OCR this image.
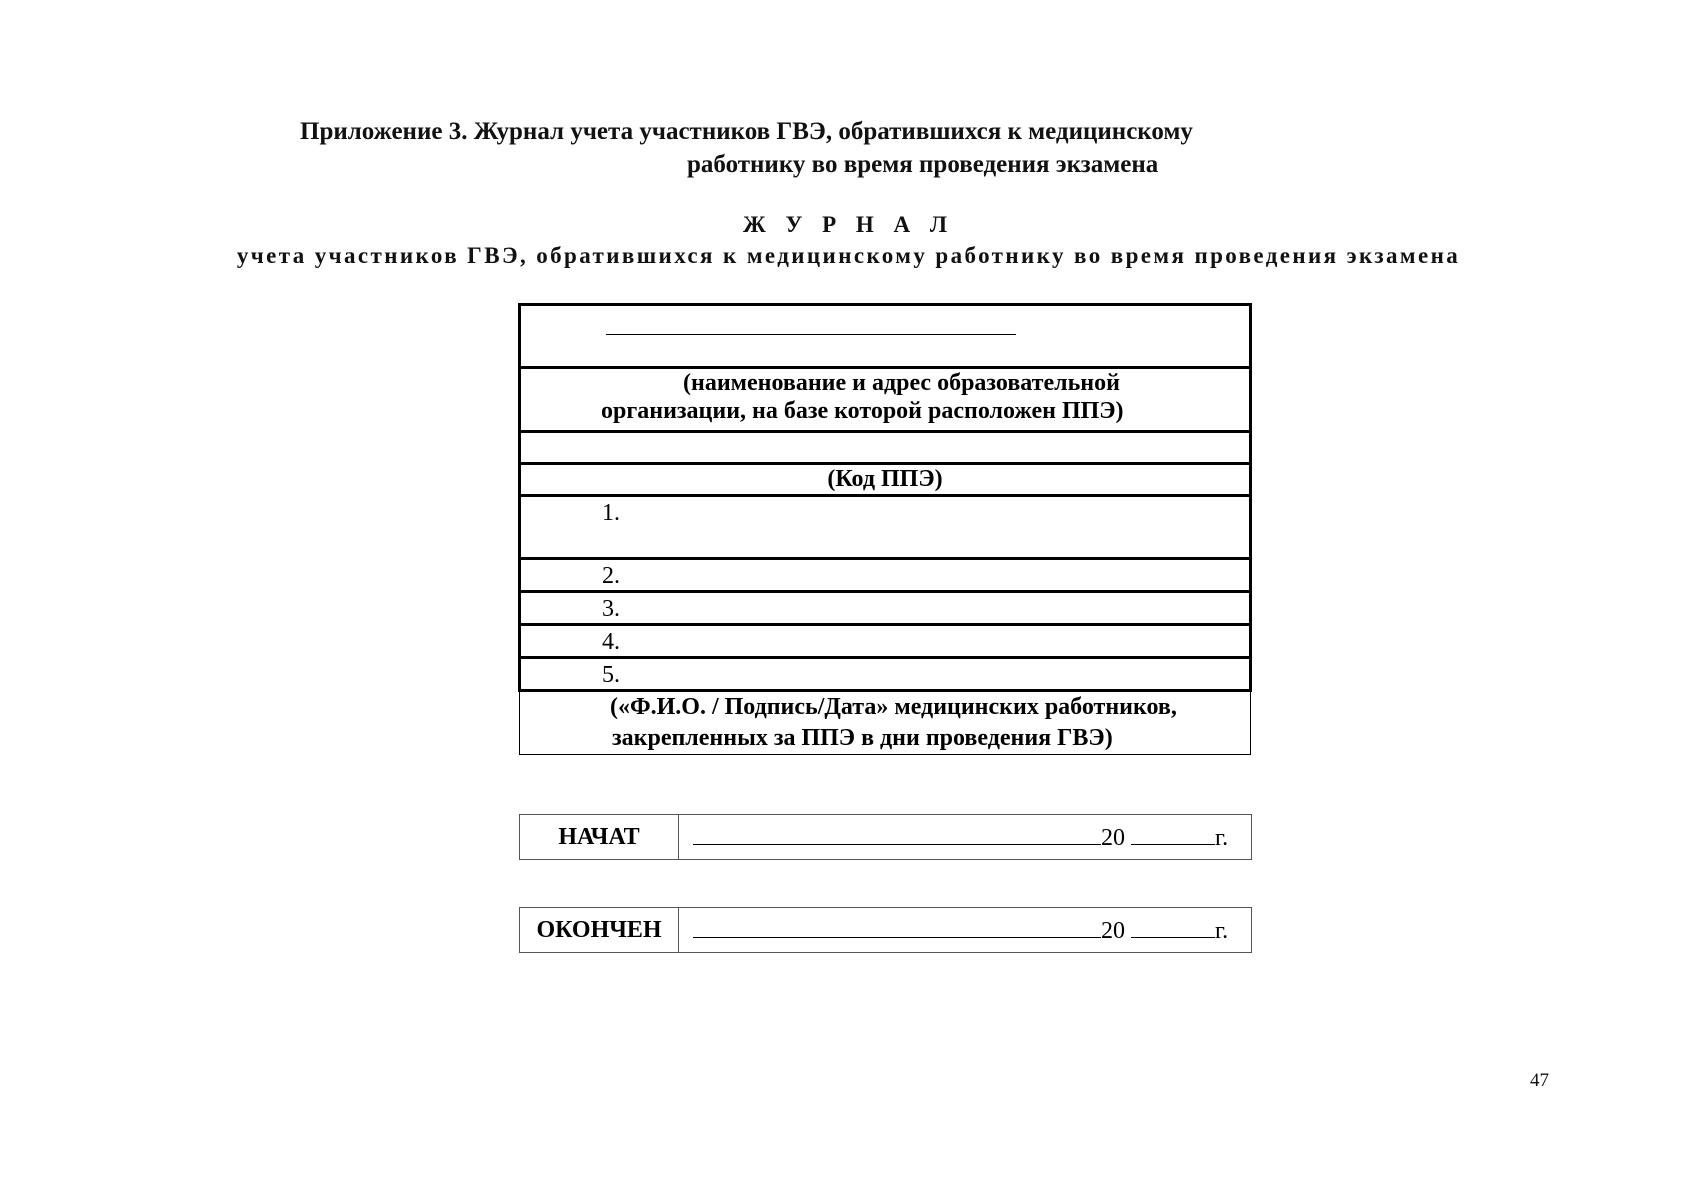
Приложение 3. Журнал учета участников ГВЭ, обратившихся к медицинскому
работнику во время проведения экзамена
Ж У Р Н А Л
учета участников ГВЭ, обратившихся к медицинскому работнику во время проведения экзамена

(наименование и адрес образовательной
организации, на базе которой расположен ППЭ)

(Код ППЭ)

1.

2.

3.

4.

5.

(«Ф.И.О. / Подпись/Дата» медицинских работников,
закрепленных за ППЭ в дни проведения ГВЭ)
НАЧАТ	20	г.
ОКОНЧЕН	20	г.
47
